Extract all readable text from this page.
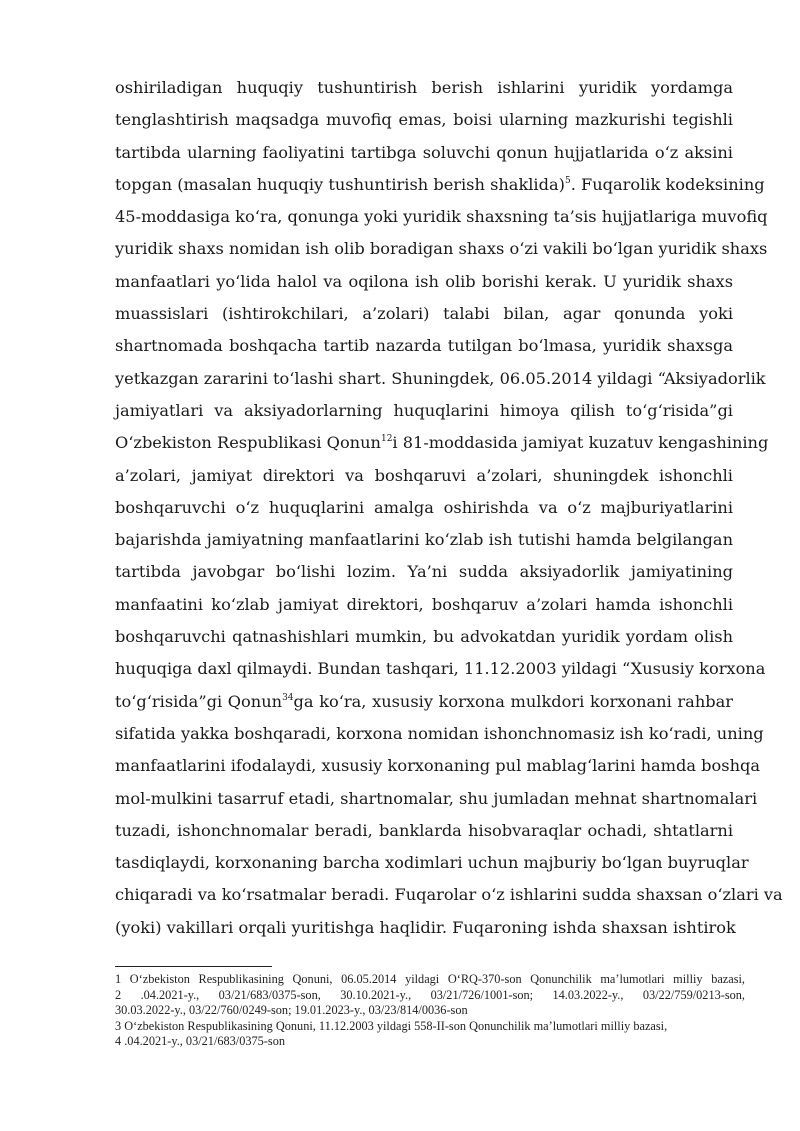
oshiriladigan huquqiy tushuntirish berish ishlarini yuridik yordamga
tenglashtirish maqsadga muvofiq emas, boisi ularning mazkurishi tegishli
tartibda ularning faoliyatini tartibga soluvchi qonun hujjatlarida o‘z aksini
topgan (masalan huquqiy tushuntirish berish shaklida)$^5$. Fuqarolik kodeksining
45-moddasiga ko‘ra, qonunga yoki yuridik shaxsning ta’sis hujjatlariga muvofiq
yuridik shaxs nomidan ish olib boradigan shaxs o‘zi vakili bo‘lgan yuridik shaxs
manfaatlari yo‘lida halol va oqilona ish olib borishi kerak. U yuridik shaxs
muassislari (ishtirokchilari, a’zolari) talabi bilan, agar qonunda yoki
shartnomada boshqacha tartib nazarda tutilgan bo‘lmasa, yuridik shaxsga
yetkazgan zararini to‘lashi shart. Shuningdek, 06.05.2014 yildagi “Aksiyadorlik
jamiyatlari va aksiyadorlarning huquqlarini himoya qilish to‘g‘risida”gi
O‘zbekiston Respublikasi Qonun$^{12}$i 81-moddasida jamiyat kuzatuv kengashining
a’zolari, jamiyat direktori va boshqaruvi a’zolari, shuningdek ishonchli
boshqaruvchi o‘z huquqlarini amalga oshirishda va o‘z majburiyatlarini
bajarishda jamiyatning manfaatlarini ko‘zlab ish tutishi hamda belgilangan
tartibda javobgar bo‘lishi lozim. Ya’ni sudda aksiyadorlik jamiyatining
manfaatini ko‘zlab jamiyat direktori, boshqaruv a’zolari hamda ishonchli
boshqaruvchi qatnashishlari mumkin, bu advokatdan yuridik yordam olish
huquqiga daxl qilmaydi. Bundan tashqari, 11.12.2003 yildagi “Xususiy korxona
to‘g‘risida”gi Qonun$^{34}$ga ko‘ra, xususiy korxona mulkdori korxonani rahbar
sifatida yakka boshqaradi, korxona nomidan ishonchnomasiz ish ko‘radi, uning
manfaatlarini ifodalaydi, xususiy korxonaning pul mablag‘larini hamda boshqa
mol-mulkini tasarruf etadi, shartnomalar, shu jumladan mehnat shartnomalari
tuzadi, ishonchnomalar beradi, banklarda hisobvaraqlar ochadi, shtatlarni
tasdiqlaydi, korxonaning barcha xodimlari uchun majburiy bo‘lgan buyruqlar
chiqaradi va ko‘rsatmalar beradi. Fuqarolar o‘z ishlarini sudda shaxsan o‘zlari va
(yoki) vakillari orqali yuritishga haqlidir. Fuqaroning ishda shaxsan ishtirok
1 O‘zbekiston Respublikasining Qonuni, 06.05.2014 yildagi O‘RQ-370-son Qonunchilik ma’lumotlari milliy bazasi,
2 .04.2021-y., 03/21/683/0375-son, 30.10.2021-y., 03/21/726/1001-son; 14.03.2022-y., 03/22/759/0213-son,
30.03.2022-y., 03/22/760/0249-son; 19.01.2023-y., 03/23/814/0036-son
3 O‘zbekiston Respublikasining Qonuni, 11.12.2003 yildagi 558-II-son Qonunchilik ma’lumotlari milliy bazasi,
4 .04.2021-y., 03/21/683/0375-son
